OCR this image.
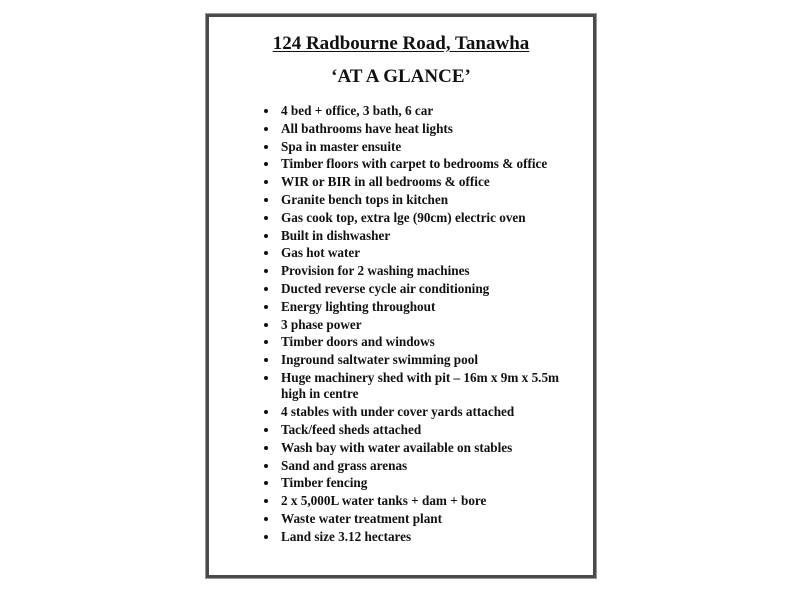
124 Radbourne Road, Tanawha
‘AT A GLANCE’
• 4 bed + office, 3 bath, 6 car
• All bathrooms have heat lights
• Spa in master ensuite
• Timber floors with carpet to bedrooms & office
• WIR or BIR in all bedrooms & office
• Granite bench tops in kitchen
• Gas cook top, extra lge (90cm) electric oven
• Built in dishwasher
• Gas hot water
• Provision for 2 washing machines
• Ducted reverse cycle air conditioning
• Energy lighting throughout
• 3 phase power
• Timber doors and windows
• Inground saltwater swimming pool
• Huge machinery shed with pit – 16m x 9m x 5.5m high in centre
• 4 stables with under cover yards attached
• Tack/feed sheds attached
• Wash bay with water available on stables
• Sand and grass arenas
• Timber fencing
• 2 x 5,000L water tanks + dam + bore
• Waste water treatment plant
• Land size 3.12 hectares
